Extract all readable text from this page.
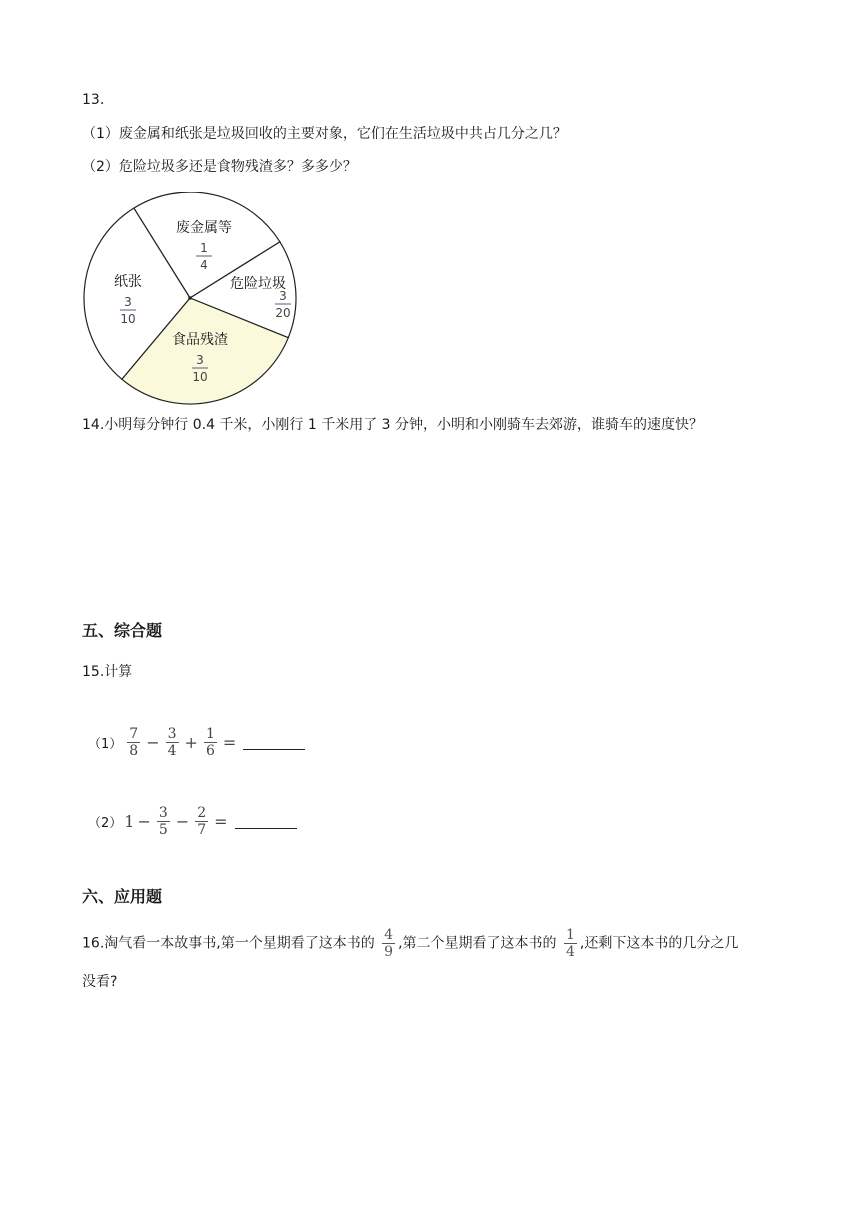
13.
（1）废金属和纸张是垃圾回收的主要对象，它们在生活垃圾中共占几分之几？
（2）危险垃圾多还是食物残渣多？多多少？
废金属等
1
4
危险垃圾
3
20
食品残渣
3
10
纸张
3
10
14.小明每分钟行 0.4 千米，小刚行 1 千米用了 3 分钟，小明和小刚骑车去郊游，谁骑车的速度快？
五、综合题
15.计算
$(1) \frac{7}{8} - \frac{3}{4} + \frac{1}{6}$ =
（2） $1 - \frac{3}{5} - \frac{2}{7}$ =
六、应用题
16.淘气看一本故事书,第一个星期看了这本书的 $\frac{4}{9}$ ,第二个星期看了这本书的 $\frac{1}{4}$ ,还剩下这本书的几分之几
没看?
